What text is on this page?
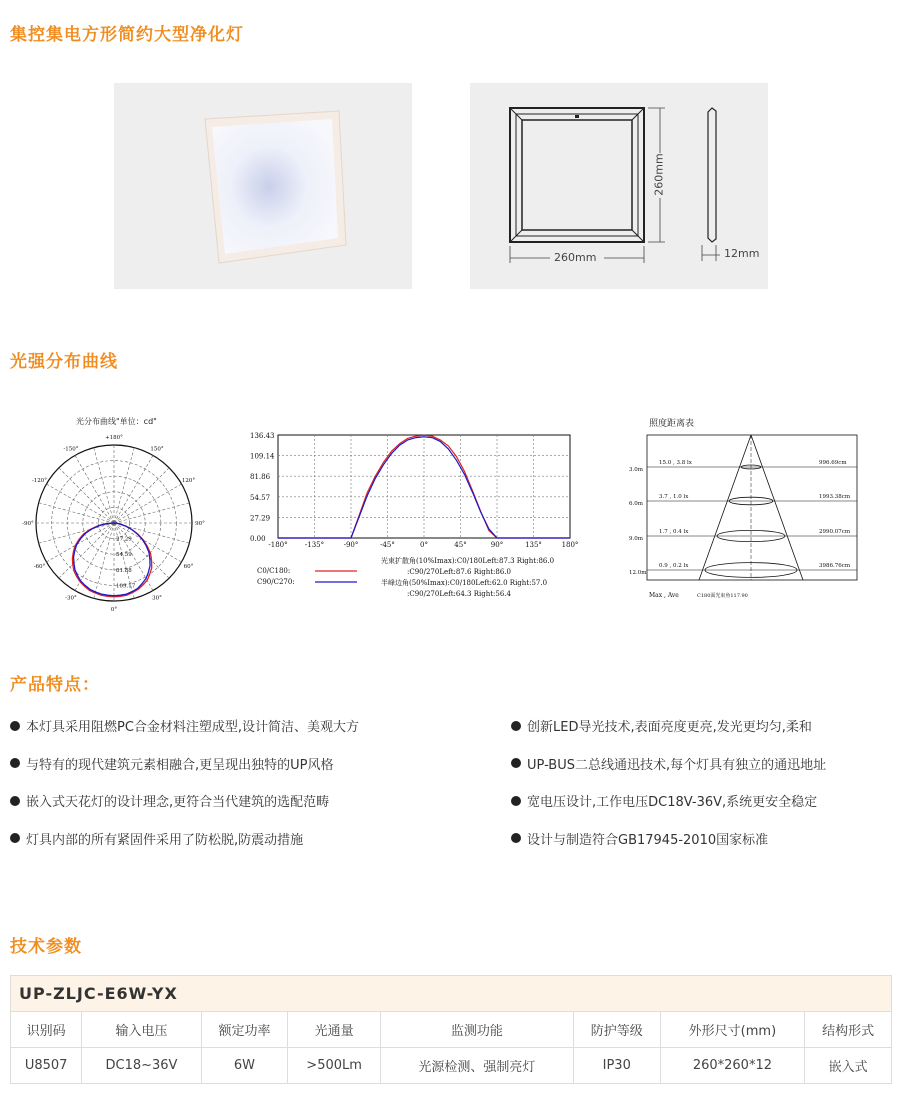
集控集电方形简约大型净化灯
260mm
260mm
12mm
光强分布曲线
光分布曲线"单位：cd"
+180°
-150°	150°
-120°	120°
-90°	90°
-60°	60°
-30°	30°
0°
27.29
54.59
81.88
109.17
136.43
109.14
81.86
54.57
27.29
0.00
-180° -135°	-90°	-45°	0°	45°	90°	135°	180°
C0/C180:
C90/C270:
光束扩散角(10%Imax):C0/180Left:87.3 Right:86.0
:C90/270Left:87.6 Right:86.0
半峰边角(50%Imax):C0/180Left:62.0 Right:57.0
:C90/270Left:64.3 Right:56.4
照度距离表
3.0m
15.0 , 3.8 lx	996.69cm
6.0m
3.7 , 1.0 lx	1993.38cm
9.0m
1.7 , 0.4 lx	2990.07cm
12.0m
0.9 , 0.2 lx	3986.76cm
Max , Ave	C180面光束角117.90
产品特点：
本灯具采用阻燃PC合金材料注塑成型,设计简洁、美观大方
与特有的现代建筑元素相融合,更呈现出独特的UP风格
嵌入式天花灯的设计理念,更符合当代建筑的选配范畴
灯具内部的所有紧固件采用了防松脱,防震动措施
创新LED导光技术,表面亮度更亮,发光更均匀,柔和
UP-BUS二总线通迅技术,每个灯具有独立的通迅地址
宽电压设计,工作电压DC18V-36V,系统更安全稳定
设计与制造符合GB17945-2010国家标准
技术参数
UP-ZLJC-E6W-YX							
识别码	输入电压	额定功率	光通量	监测功能	防护等级	外形尺寸(mm)	结构形式
U8507	DC18~36V	6W	>500Lm	光源检测、强制亮灯	IP30	260*260*12	嵌入式
